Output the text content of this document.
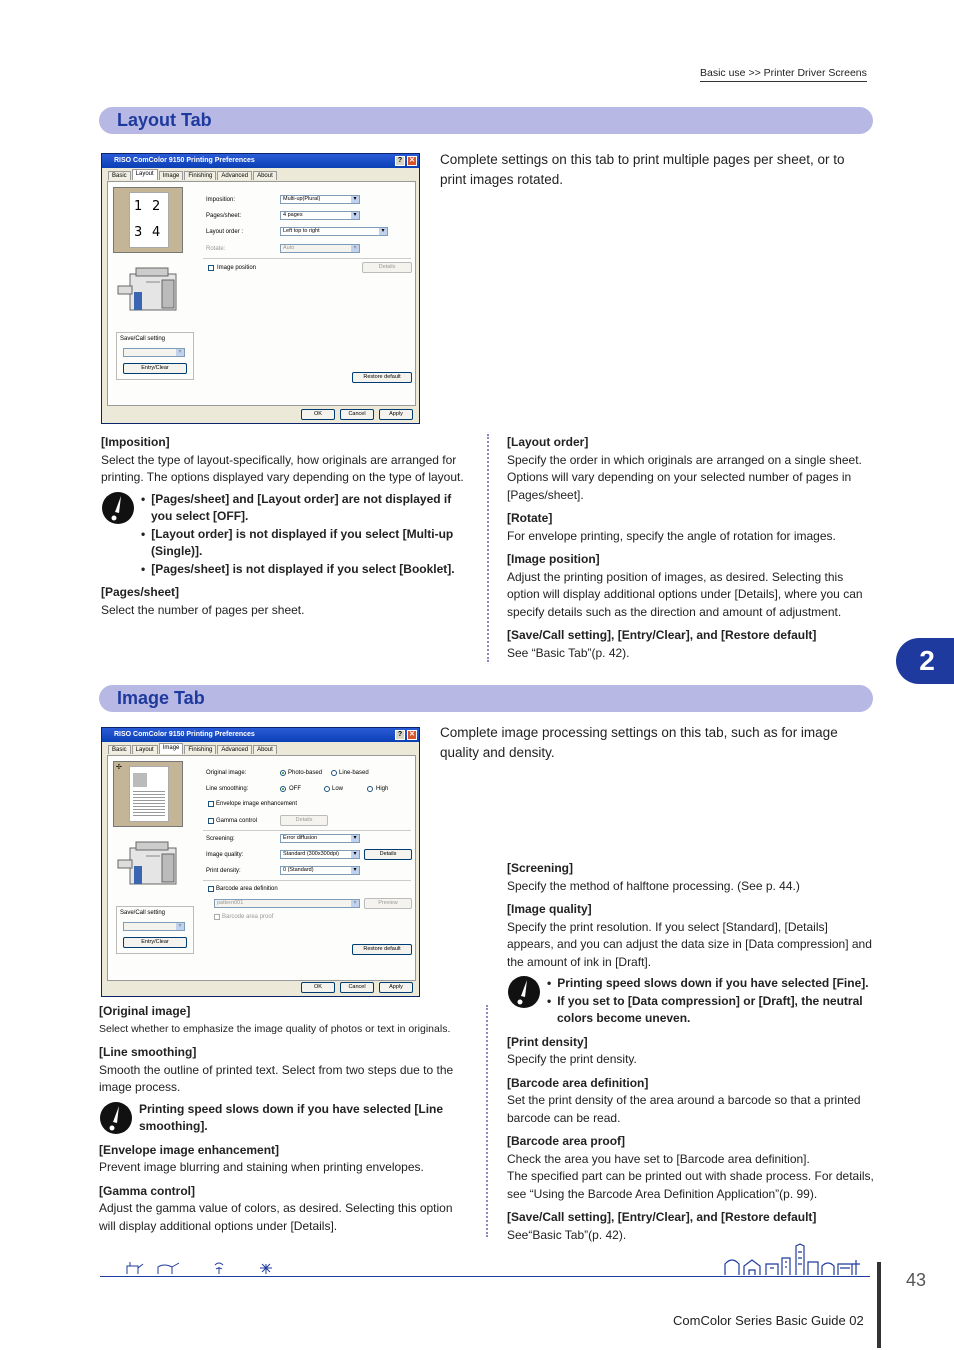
Basic use >> Printer Driver Screens
Layout Tab
RISO ComColor 9150 Printing Preferences	? ✕
Basic	Layout	Image	Finishing	Advanced	About
1 2
3 4
Imposition:	Multi-up(Plural) ▾
Pages/sheet:	4 pages ▾
Layout order :	Left top to right ▾
Rotate:	Auto ▾
Image position	Details
Save/Call setting
▾
Entry/Clear
Restore default
OK	Cancel	Apply
Complete settings on this tab to print multiple pages per sheet, or to print images rotated.
[Imposition]
Select the type of layout-specifically, how originals are arranged for printing. The options displayed vary depending on the type of layout.
• [Pages/sheet] and [Layout order] are not displayed if you select [OFF].
• [Layout order] is not displayed if you select [Multi-up (Single)].
• [Pages/sheet] is not displayed if you select [Booklet].
[Pages/sheet]
Select the number of pages per sheet.
[Layout order]
Specify the order in which originals are arranged on a single sheet. Options will vary depending on your selected number of pages in [Pages/sheet].
[Rotate]
For envelope printing, specify the angle of rotation for images.
[Image position]
Adjust the printing position of images, as desired. Selecting this option will display additional options under [Details], where you can specify details such as the direction and amount of adjustment.
[Save/Call setting], [Entry/Clear], and [Restore default]
See “Basic Tab”(p. 42).	2
Image Tab
RISO ComColor 9150 Printing Preferences	? ✕
Basic	Layout	Image	Finishing	Advanced	About
✢
Original image:	Photo-based	Line-based
Line smoothing:	OFF	Low	High
Envelope image enhancement
Gamma control	Details
Screening:	Error diffusion ▾
Image quality:	Standard (300x300dpi) ▾	Details
Print density:	0 (Standard) ▾
Barcode area definition
pattern001 ▾	Preview
Barcode area proof
Save/Call setting
▾
Entry/Clear
Restore default
OK	Cancel	Apply
Complete image processing settings on this tab, such as for image quality and density.
[Original image]
Select whether to emphasize the image quality of photos or text in originals.
[Line smoothing]
Smooth the outline of printed text. Select from two steps due to the image process.

Printing speed slows down if you have selected [Line smoothing].

[Envelope image enhancement]
Prevent image blurring and staining when printing envelopes.
[Gamma control]
Adjust the gamma value of colors, as desired. Selecting this option will display additional options under [Details].
[Screening]
Specify the method of halftone processing. (See p. 44.)
[Image quality]
Specify the print resolution. If you select [Standard], [Details] appears, and you can adjust the data size in [Data compression] and the amount of ink in [Draft].
• Printing speed slows down if you have selected [Fine].
• If you set to [Data compression] or [Draft], the neutral colors become uneven.
[Print density]
Specify the print density.
[Barcode area definition]
Set the print density of the area around a barcode so that a printed barcode can be read.
[Barcode area proof]
Check the area you have set to [Barcode area definition].
The specified part can be printed out with shade process. For details, see “Using the Barcode Area Definition Application”(p. 99).
[Save/Call setting], [Entry/Clear], and [Restore default]
See“Basic Tab”(p. 42).
43
ComColor Series Basic Guide 02
